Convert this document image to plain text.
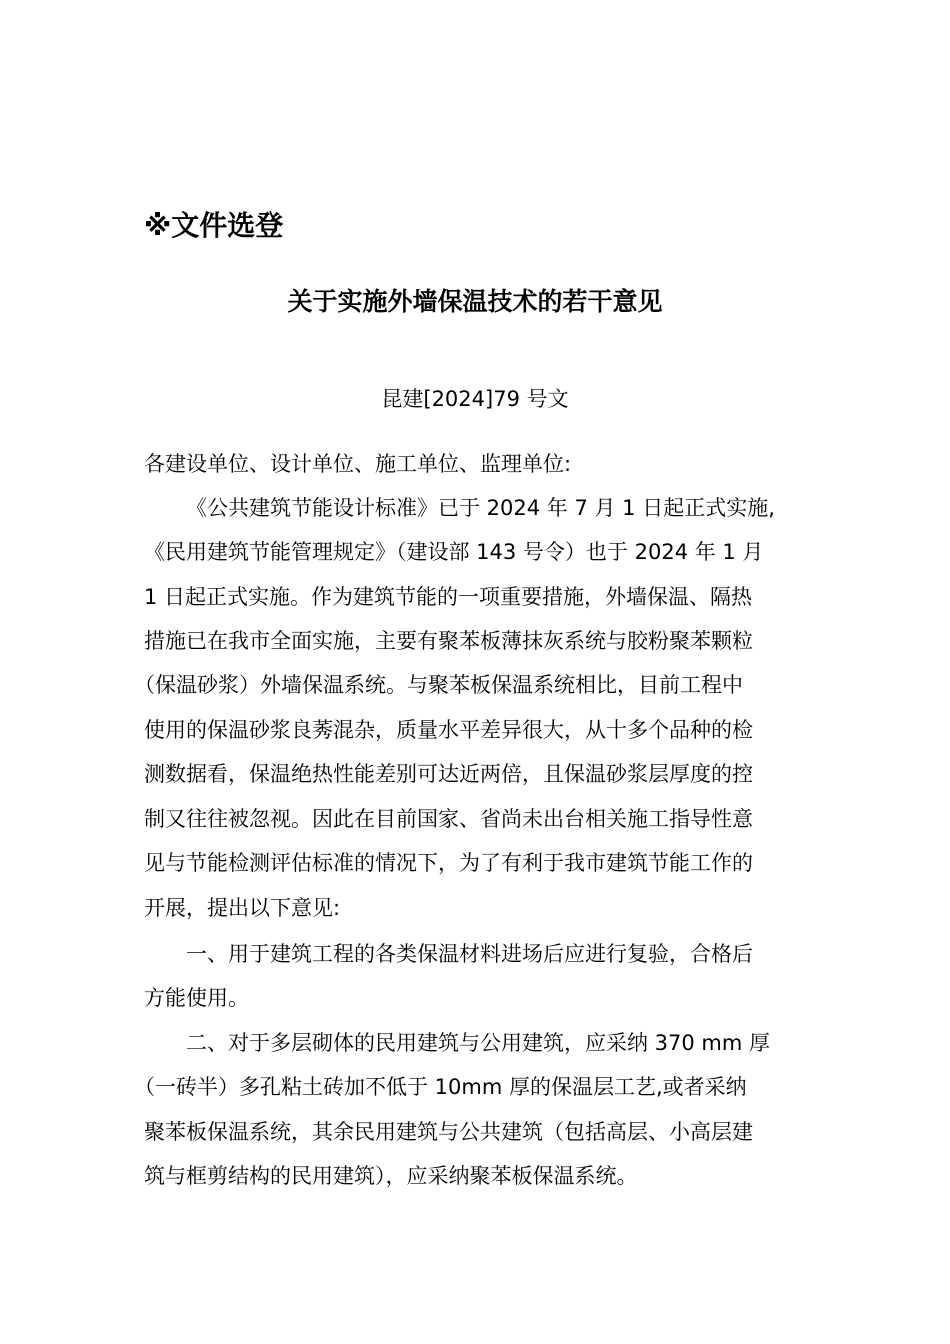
※文件选登
关于实施外墙保温技术的若干意见
昆建[2024]79 号文
各建设单位、设计单位、施工单位、监理单位:
《公共建筑节能设计标准》已于 2024 年 7 月 1 日起正式实施,
《民用建筑节能管理规定》（建设部 143 号令）也于 2024 年 1 月
1 日起正式实施。作为建筑节能的一项重要措施，外墙保温、隔热
措施已在我市全面实施，主要有聚苯板薄抹灰系统与胶粉聚苯颗粒
（保温砂浆）外墙保温系统。与聚苯板保温系统相比，目前工程中
使用的保温砂浆良莠混杂，质量水平差异很大，从十多个品种的检
测数据看，保温绝热性能差别可达近两倍，且保温砂浆层厚度的控
制又往往被忽视。因此在目前国家、省尚未出台相关施工指导性意
见与节能检测评估标准的情况下，为了有利于我市建筑节能工作的
开展，提出以下意见:
一、用于建筑工程的各类保温材料进场后应进行复验，合格后
方能使用。
二、对于多层砌体的民用建筑与公用建筑，应采纳 370 mm 厚
（一砖半）多孔粘土砖加不低于 10mm 厚的保温层工艺,或者采纳
聚苯板保温系统，其余民用建筑与公共建筑（包括高层、小高层建
筑与框剪结构的民用建筑），应采纳聚苯板保温系统。
